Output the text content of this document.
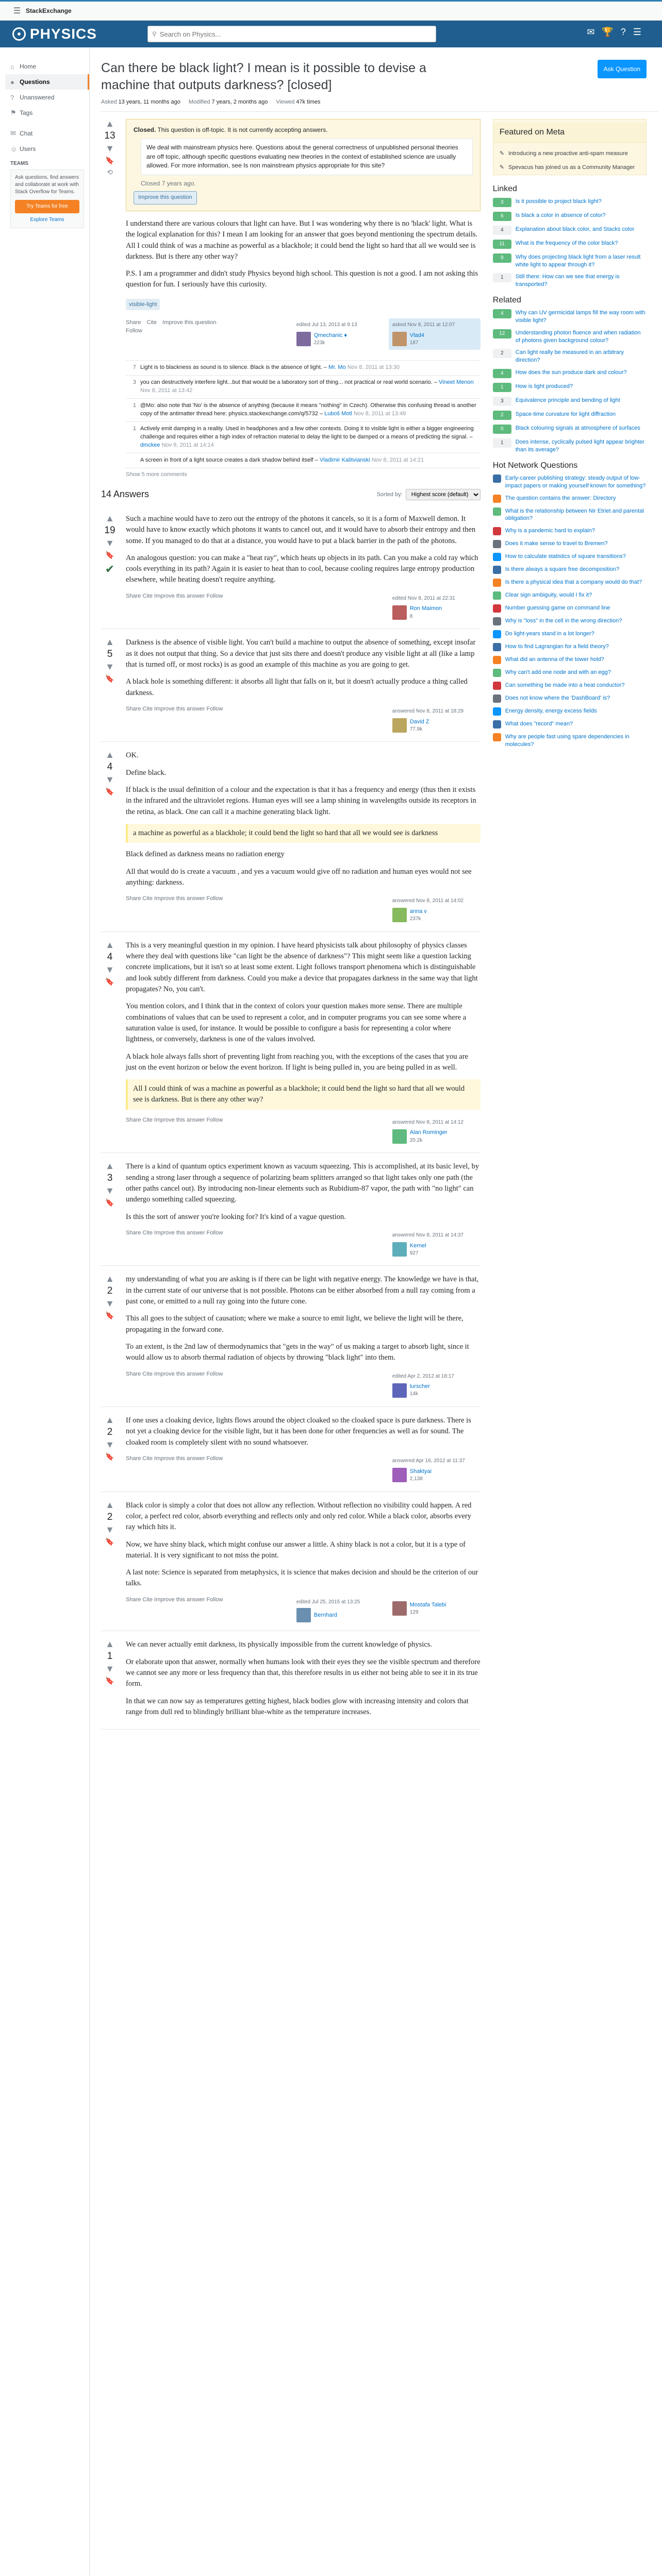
☰ StackExchange
PHYSICS	⚲
Search on Physics...	✉ 🏆 ? ☰
⌂ Home
● Questions
? Unanswered
⚑ Tags
✉ Chat
☺ Users
TEAMS
Ask questions, find answers and collaborate at work with Stack Overflow for Teams.
Try Teams for free
Explore Teams
Can there be black light? I mean is it possible to devise a machine that outputs darkness? [closed]
Ask Question
Asked 13 years, 11 months ago Modified 7 years, 2 months ago Viewed 47k times
▲
13
▼
🔖
⟲
Closed. This question is off-topic. It is not currently accepting answers.
We deal with mainstream physics here. Questions about the general correctness of unpublished personal theories are off topic, although specific questions evaluating new theories in the context of established science are usually allowed. For more information, see Is non mainstream physics appropriate for this site?
Closed 7 years ago.
Improve this question

I understand there are various colours that light can have. But I was wondering why there is no 'black' light. What is the logical explanation for this? I mean I am looking for an answer that goes beyond mentioning the spectrum details. All I could think of was a machine as powerful as a blackhole; it could bend the light so hard that all we would see is darkness. But is there any other way?

P.S. I am a programmer and didn't study Physics beyond high school. This question is not a good. I am not asking this question for fun. I seriously have this curiosity.

visible-light
Share Cite Improve this question
Follow
edited Jul 13, 2013 at 9:13
Qmechanic ♦
223k
asked Nov 8, 2011 at 12:07
Vlad4
187
7 Light is to blackness as sound is to silence. Black is the absence of light. – Mr. Mo Nov 8, 2011 at 13:30
3 you can destructively interfere light...but that would be a laboratory sort of thing... not practical or real world scenario. – Vineet Menon Nov 8, 2011 at 13:42
1 @Mo: also note that 'No' is the absence of anything (because it means "nothing" in Czech). Otherwise this confusing thread is another copy of the antimatter thread here: physics.stackexchange.com/q/5732 – Luboš Motl Nov 8, 2011 at 13:49
1 Actively emit damping in a reality. Used in headphones and a few other contexts. Doing it to visible light is either a bigger engineering challenge and requires either a high index of refraction material to delay the light to be damped or a means of predicting the signal. – dmckee Nov 8, 2011 at 14:14
A screen in front of a light source creates a dark shadow behind itself – Vladimir Kalitvianski Nov 8, 2011 at 14:21
Show 5 more comments
14 Answers	Sorted by:
Highest score (default)
▲
19
▼
🔖
✔

Such a machine would have to zero out the entropy of the photons it cancels, so it is a form of Maxwell demon. It would have to know exactly which photons it wants to cancel out, and it would have to absorb their entropy and then some. If you managed to do that at a distance, you would have to put a black barrier in the path of the photons.

An analogous question: you can make a "heat ray", which heats up objects in its path. Can you make a cold ray which cools everything in its path? Again it is easier to heat than to cool, because cooling requires large entropy production elsewhere, while heating doesn't require anything.

Share Cite Improve this answer Follow	edited Nov 8, 2011 at 22:31
Ron Maimon
8
▲
5
▼
🔖

Darkness is the absence of visible light. You can't build a machine to output the absence of something, except insofar as it does not output that thing. So a device that just sits there and doesn't produce any visible light at all (like a lamp that is turned off, or most rocks) is as good an example of this machine as you are going to get.

A black hole is something different: it absorbs all light that falls on it, but it doesn't actually produce a thing called darkness.

Share Cite Improve this answer Follow	answered Nov 8, 2011 at 18:29
David Z
77.9k
▲
4
▼
🔖

OK.

Define black.

If black is the usual definition of a colour and the expectation is that it has a frequency and energy (thus then it exists in the infrared and the ultraviolet regions. Human eyes will see a lamp shining in wavelengths outside its receptors in the retina, as black. One can call it a machine generating black light.

a machine as powerful as a blackhole; it could bend the light so hard that all we would see is darkness

Black defined as darkness means no radiation energy

All that would do is create a vacuum , and yes a vacuum would give off no radiation and human eyes would not see anything: darkness.

Share Cite Improve this answer Follow	answered Nov 8, 2011 at 14:02
anna v
237k
▲
4
▼
🔖

This is a very meaningful question in my opinion. I have heard physicists talk about philosophy of physics classes where they deal with questions like "can light be the absence of darkness"? This might seem like a question lacking concrete implications, but it isn't so at least some extent. Light follows transport phenomena which is distinguishable and look subtly different from darkness. Could you make a device that propagates darkness in the same way that light propagates? No, you can't.

You mention colors, and I think that in the context of colors your question makes more sense. There are multiple combinations of values that can be used to represent a color, and in computer programs you can see some where a saturation value is used, for instance. It would be possible to configure a basis for representing a color where lightness, or conversely, darkness is one of the values involved.

A black hole always falls short of preventing light from reaching you, with the exceptions of the cases that you are just on the event horizon or below the event horizon. If light is being pulled in, you are being pulled in as well.

All I could think of was a machine as powerful as a blackhole; it could bend the light so hard that all we would see is darkness. But is there any other way?
Share Cite Improve this answer Follow	answered Nov 8, 2011 at 14:12
Alan Rominger
20.2k
▲
3
▼
🔖

There is a kind of quantum optics experiment known as vacuum squeezing. This is accomplished, at its basic level, by sending a strong laser through a sequence of polarizing beam splitters arranged so that light takes only one path (the other paths cancel out). By introducing non-linear elements such as Rubidium-87 vapor, the path with "no light" can undergo something called squeezing.

Is this the sort of answer you're looking for? It's kind of a vague question.

Share Cite Improve this answer Follow	answered Nov 8, 2011 at 14:37
Kernel
927
▲
2
▼
🔖

my understanding of what you are asking is if there can be light with negative energy. The knowledge we have is that, in the current state of our universe that is not possible. Photons can be either absorbed from a null ray coming from a past cone, or emitted to a null ray going into the future cone.

This all goes to the subject of causation; where we make a source to emit light, we believe the light will be there, propagating in the forward cone.

To an extent, is the 2nd law of thermodynamics that "gets in the way" of us making a target to absorb light, since it would allow us to absorb thermal radiation of objects by throwing "black light" into them.

Share Cite Improve this answer Follow	edited Apr 2, 2012 at 18:17
lurscher
14k
▲
2
▼
🔖

If one uses a cloaking device, lights flows around the object cloaked so the cloaked space is pure darkness. There is not yet a cloaking device for the visible light, but it has been done for other frequencies as well as for sound. The cloaked room is completely silent with no sound whatsoever.

Share Cite Improve this answer Follow	answered Apr 16, 2012 at 11:37
Shaktyai
2,138
▲
2
▼
🔖

Black color is simply a color that does not allow any reflection. Without reflection no visibility could happen. A red color, a perfect red color, absorb everything and reflects only and only red color. While a black color, absorbs every ray which hits it.

Now, we have shiny black, which might confuse our answer a little. A shiny black is not a color, but it is a type of material. It is very significant to not miss the point.

A last note: Science is separated from metaphysics, it is science that makes decision and should be the criterion of our talks.

Share Cite Improve this answer Follow	edited Jul 25, 2015 at 13:25
Bernhard
Mostafa Talebi
129
▲
1
▼
🔖

We can never actually emit darkness, its physically impossible from the current knowledge of physics.

Or elaborate upon that answer, normally when humans look with their eyes they see the visible spectrum and therefore we cannot see any more or less frequency than that, this therefore results in us either not being able to see it in its true form.

In that we can now say as temperatures getting highest, black bodies glow with increasing intensity and colors that range from dull red to blindingly brilliant blue-white as the temperature increases.

Featured on Meta
✎ Introducing a new proactive anti-spam measure
✎ Spevacus has joined us as a Community Manager
Linked
3	Is it possible to project black light?
6	Is black a color in absence of color?
4	Explanation about black color, and Stacks color
11	What is the frequency of the color black?
9	Why does projecting black light from a laser result white light to appear through it?
1	Still there: How can we see that energy is transported?
Related
4	Why can UV germicidal lamps fill the way room with visible light?
12	Understanding photon fluence and when radiation of photons given background colour?
2	Can light really be measured in an arbitrary direction?
4	How does the sun produce dark and colour?
1	How is light produced?
3	Equivalence principle and bending of light
2	Space-time curvature for light diffraction
0	Black colouring signals at atmosphere of surfaces
1	Does intense, cyclically pulsed light appear brighter than its average?
Hot Network Questions
Early-career publishing strategy: steady output of low-impact papers or making yourself known for something?
The question contains the answer: Directory
What is the relationship between Nir Etriet and parental obligation?
Why is a pandemic hard to explain?
Does it make sense to travel to Bremen?
How to calculate statistics of square transitions?
Is there always a square free decomposition?
Is there a physical idea that a company would do that?
Clear sign ambiguity, would I fix it?
Number guessing game on command line
Why is "loss" in the cell in the wrong direction?
Do light-years stand in a lot longer?
How to find Lagrangian for a field theory?
What did an antenna of the tower hold?
Why can't add one node and with an egg?
Can something be made into a heat conductor?
Does not know where the 'DashBoard' is?
Energy density, energy excess fields
What does "record" mean?
Why are people fast using spare dependencies in molecules?
